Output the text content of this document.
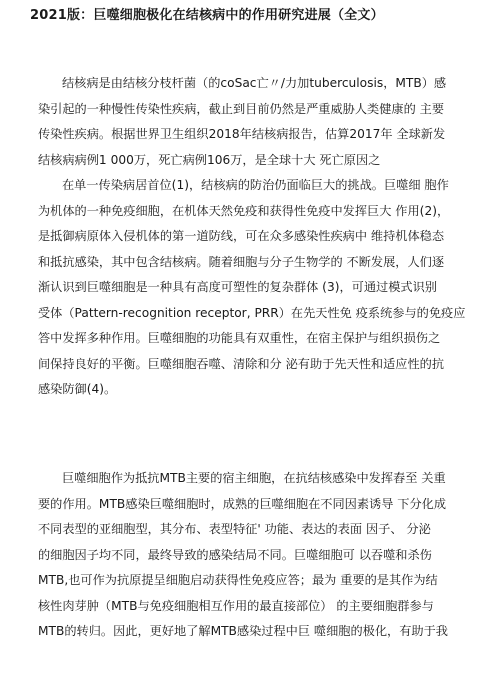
2021版：巨噬细胞极化在结核病中的作用研究进展（全文）
结核病是由结核分枝杆菌（的coSac亡〃/力加tuberculosis，MTB）感
染引起的一种慢性传染性疾病，截止到目前仍然是严重威胁人类健康的 主要
传染性疾病。根据世界卫生组织2018年结核病报告，估算2017年 全球新发
结核病病例1 000万，死亡病例106万，是全球十大 死亡原因之
在单一传染病居首位(1)，结核病的防治仍面临巨大的挑战。巨噬细 胞作
为机体的一种免疫细胞，在机体天然免疫和获得性免疫中发挥巨大 作用(2)，
是抵御病原体入侵机体的第一道防线，可在众多感染性疾病中 维持机体稳态
和抵抗感染，其中包含结核病。随着细胞与分子生物学的 不断发展，人们逐
渐认识到巨噬细胞是一种具有高度可塑性的复杂群体 (3)，可通过模式识别
受体（Pattern-recognition receptor, PRR）在先天性免 疫系统参与的免疫应
答中发挥多种作用。巨噬细胞的功能具有双重性，在宿主保护与组织损伤之
间保持良好的平衡。巨噬细胞吞噬、清除和分 泌有助于先天性和适应性的抗
感染防御(4)。
巨噬细胞作为抵抗MTB主要的宿主细胞，在抗结核感染中发挥舂至 关重
要的作用。MTB感染巨噬细胞时，成熟的巨噬细胞在不同因素诱导 下分化成
不同表型的亚细胞型，其分布、表型特征' 功能、表达的表面 因子、 分泌
的细胞因子均不同，最终导致的感染结局不同。巨噬细胞可 以吞噬和杀伤
MTB,也可作为抗原提呈细胞启动获得性免疫应答；最为 重要的是其作为结
核性肉芽肿（MTB与免疫细胞相互作用的最直接部位） 的主要细胞群参与
MTB的转归。因此，更好地了解MTB感染过程中巨 噬细胞的极化，有助于我
